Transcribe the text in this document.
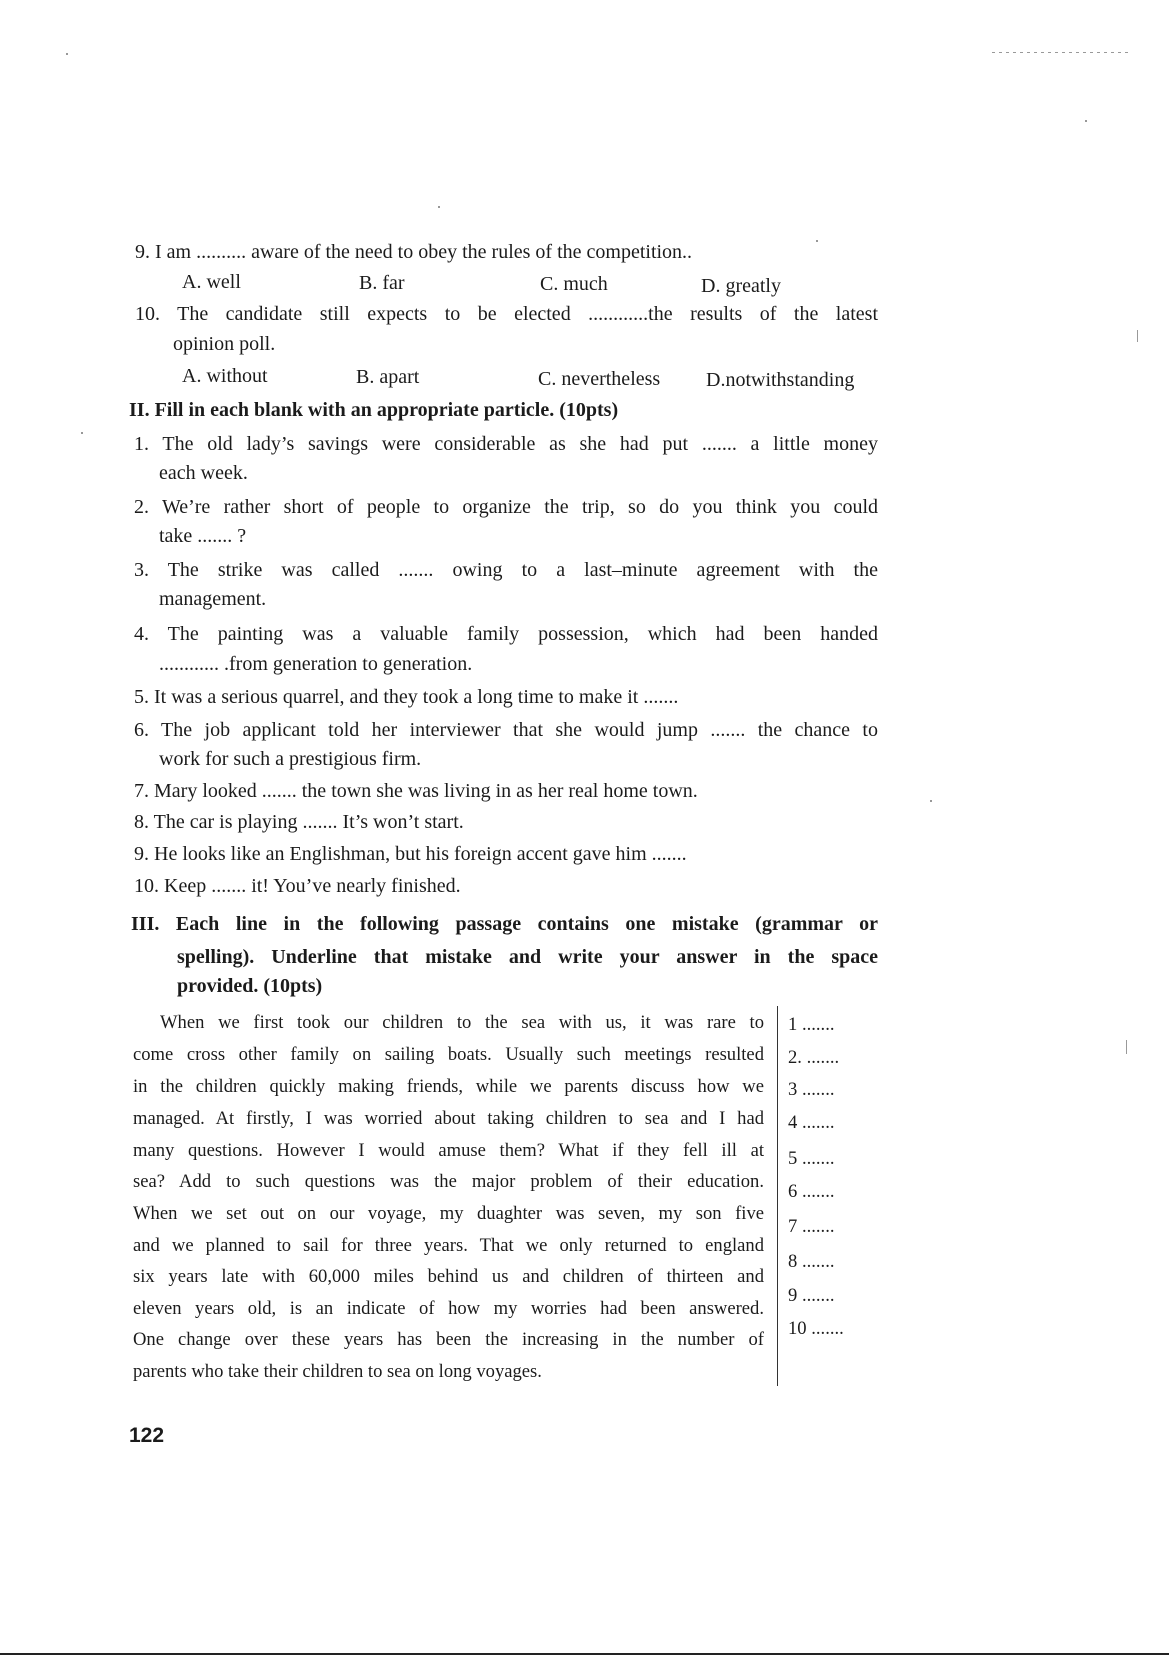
9. I am .......... aware of the need to obey the rules of the competition..
A. well	B. far	C. much	D. greatly
10. The candidate still expects to be elected ............the results of the latest
opinion poll.
A. without	B. apart	C. nevertheless D.notwithstanding
II. Fill in each blank with an appropriate particle. (10pts)
1. The old lady’s savings were considerable as she had put ....... a little money
each week.
2. We’re rather short of people to organize the trip, so do you think you could
take ....... ?
3. The strike was called ....... owing to a last–minute agreement with the
management.
4. The painting was a valuable family possession, which had been handed
............ .from generation to generation.
5. It was a serious quarrel, and they took a long time to make it .......
6. The job applicant told her interviewer that she would jump ....... the chance to
work for such a prestigious firm.
7. Mary looked ....... the town she was living in as her real home town.
8. The car is playing ....... It’s won’t start.
9. He looks like an Englishman, but his foreign accent gave him .......
10. Keep ....... it! You’ve nearly finished.
III. Each line in the following passage contains one mistake (grammar or
spelling). Underline that mistake and write your answer in the space
provided. (10pts)
When we first took our children to the sea with us, it was rare to
come cross other family on sailing boats. Usually such meetings resulted
in the children quickly making friends, while we parents discuss how we
managed. At firstly, I was worried about taking children to sea and I had
many questions. However I would amuse them? What if they fell ill at
sea? Add to such questions was the major problem of their education.
When we set out on our voyage, my duaghter was seven, my son five
and we planned to sail for three years. That we only returned to england
six years late with 60,000 miles behind us and children of thirteen and
eleven years old, is an indicate of how my worries had been answered.
One change over these years has been the increasing in the number of
parents who take their children to sea on long voyages.
1 .......
2. .......
3 .......
4 .......
5 .......
6 .......
7 .......
8 .......
9 .......
10 .......
122
